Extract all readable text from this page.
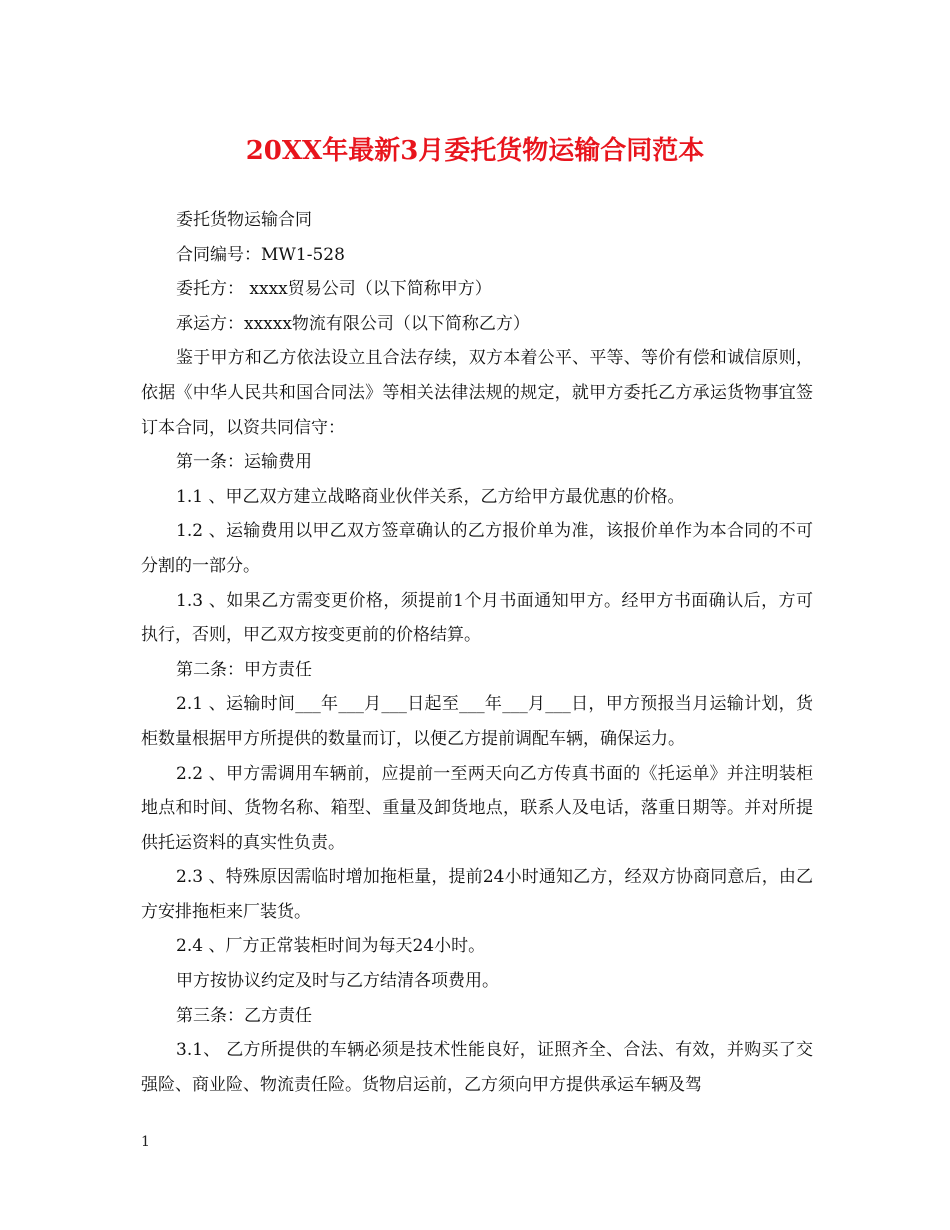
20XX年最新3月委托货物运输合同范本

委托货物运输合同

合同编号：MW1-528

委托方： xxxx贸易公司（以下简称甲方）

承运方：xxxxx物流有限公司（以下简称乙方）

鉴于甲方和乙方依法设立且合法存续，双方本着公平、平等、等价有偿和诚信原则，依据《中华人民共和国合同法》等相关法律法规的规定，就甲方委托乙方承运货物事宜签订本合同，以资共同信守：

第一条：运输费用

1.1 、甲乙双方建立战略商业伙伴关系，乙方给甲方最优惠的价格。

1.2 、运输费用以甲乙双方签章确认的乙方报价单为准，该报价单作为本合同的不可分割的一部分。

1.3 、如果乙方需变更价格，须提前1个月书面通知甲方。经甲方书面确认后，方可执行，否则，甲乙双方按变更前的价格结算。

第二条：甲方责任

2.1 、运输时间___年___月___日起至___年___月___日，甲方预报当月运输计划，货柜数量根据甲方所提供的数量而订，以便乙方提前调配车辆，确保运力。

2.2 、甲方需调用车辆前，应提前一至两天向乙方传真书面的《托运单》并注明装柜地点和时间、货物名称、箱型、重量及卸货地点，联系人及电话，落重日期等。并对所提供托运资料的真实性负责。

2.3 、特殊原因需临时增加拖柜量，提前24小时通知乙方，经双方协商同意后，由乙方安排拖柜来厂装货。

2.4 、厂方正常装柜时间为每天24小时。

甲方按协议约定及时与乙方结清各项费用。

第三条：乙方责任

3.1、 乙方所提供的车辆必须是技术性能良好，证照齐全、合法、有效，并购买了交强险、商业险、物流责任险。货物启运前，乙方须向甲方提供承运车辆及驾

1
